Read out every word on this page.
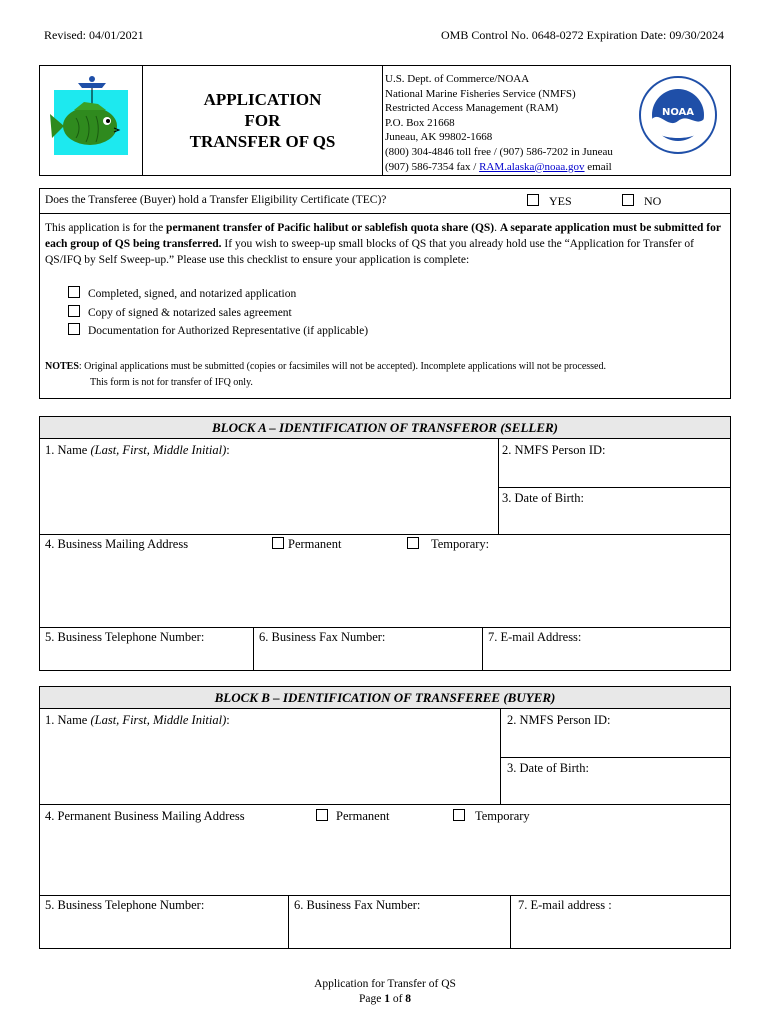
Revised: 04/01/2021	OMB Control No. 0648-0272 Expiration Date: 09/30/2024
APPLICATION
FOR
TRANSFER OF QS
U.S. Dept. of Commerce/NOAA
National Marine Fisheries Service (NMFS)
Restricted Access Management (RAM)
P.O. Box 21668
Juneau, AK 99802-1668
(800) 304-4846 toll free / (907) 586-7202 in Juneau
(907) 586-7354 fax / RAM.alaska@noaa.gov email
NOAA
Does the Transferee (Buyer) hold a Transfer Eligibility Certificate (TEC)?	YES	NO
This application is for the permanent transfer of Pacific halibut or sablefish quota share (QS). A separate application must be submitted for each group of QS being transferred. If you wish to sweep-up small blocks of QS that you already hold use the “Application for Transfer of QS/IFQ by Self Sweep-up.” Please use this checklist to ensure your application is complete:
Completed, signed, and notarized application
Copy of signed & notarized sales agreement
Documentation for Authorized Representative (if applicable)
NOTES: Original applications must be submitted (copies or facsimiles will not be accepted). Incomplete applications will not be processed.
This form is not for transfer of IFQ only.
BLOCK A – IDENTIFICATION OF TRANSFEROR (SELLER)
1. Name (Last, First, Middle Initial):	2. NMFS Person ID:
3. Date of Birth:
4. Business Mailing Address	Permanent	Temporary:
5. Business Telephone Number:	6. Business Fax Number:	7. E-mail Address:
BLOCK B – IDENTIFICATION OF TRANSFEREE (BUYER)
1. Name (Last, First, Middle Initial):	2. NMFS Person ID:
3. Date of Birth:
4. Permanent Business Mailing Address	Permanent	Temporary
5. Business Telephone Number:	6. Business Fax Number:	7. E-mail address :
Application for Transfer of QS
Page 1 of 8
